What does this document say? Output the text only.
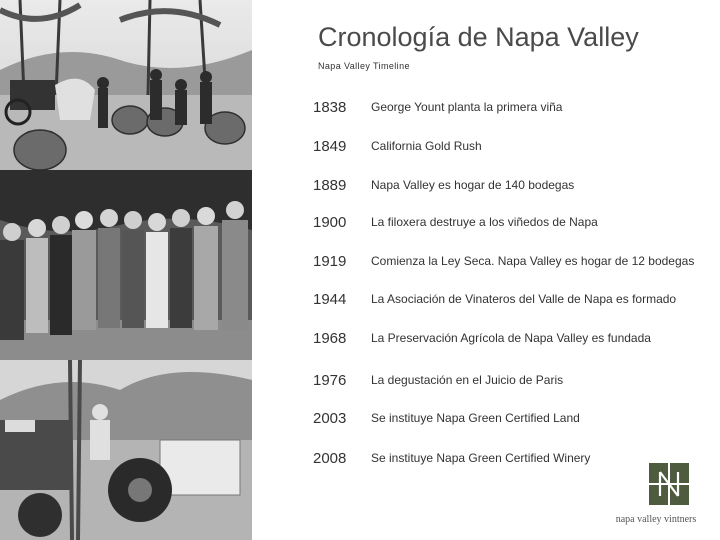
Cronología de Napa Valley
Napa Valley Timeline
1838	George Yount planta la primera viña
1849	California Gold Rush
1889	Napa Valley es hogar de 140 bodegas
1900	La filoxera destruye a los viñedos de Napa
1919	Comienza la Ley Seca. Napa Valley es hogar de 12 bodegas
1944	La Asociación de Vinateros del Valle de Napa es formado
1968	La Preservación Agrícola de Napa Valley es fundada
1976	La degustación en el Juicio de Paris
2003	Se instituye Napa Green Certified Land
2008	Se instituye Napa Green Certified Winery
napa valley vintners
